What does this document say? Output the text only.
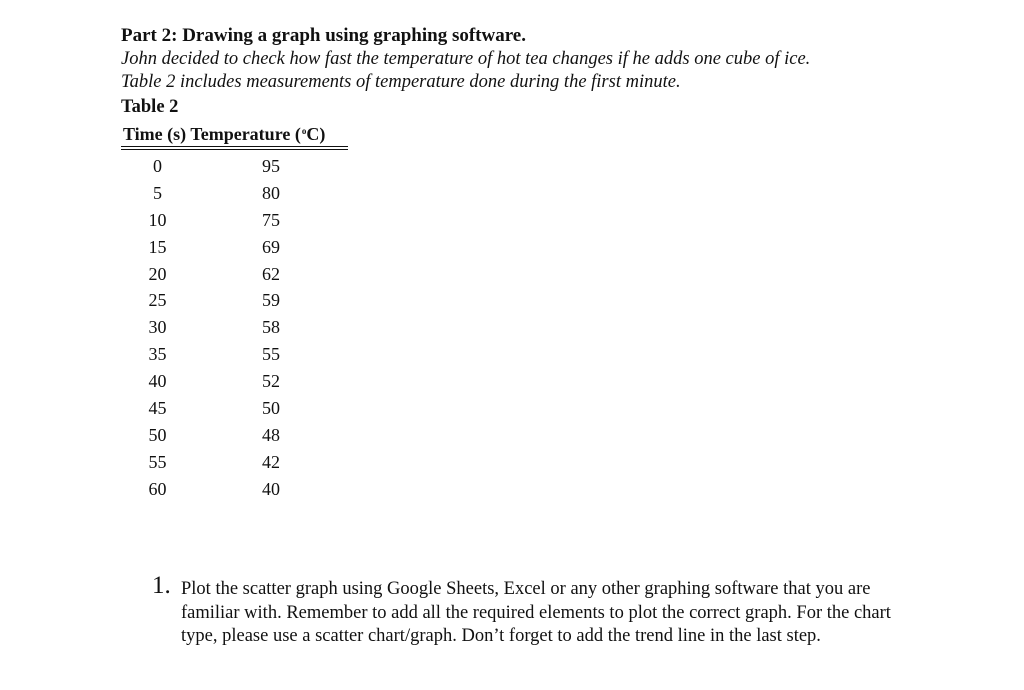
Part 2: Drawing a graph using graphing software.
John decided to check how fast the temperature of hot tea changes if he adds one cube of ice.
Table 2 includes measurements of temperature done during the first minute.
Table 2
Time (s) Temperature ($^o$C)
0	95
5	80
10	75
15	69
20	62
25	59
30	58
35	55
40	52
45	50
50	48
55	42
60	40
1. Plot the scatter graph using Google Sheets, Excel or any other graphing software that you are familiar with. Remember to add all the required elements to plot the correct graph. For the chart type, please use a scatter chart/graph. Don’t forget to add the trend line in the last step.
